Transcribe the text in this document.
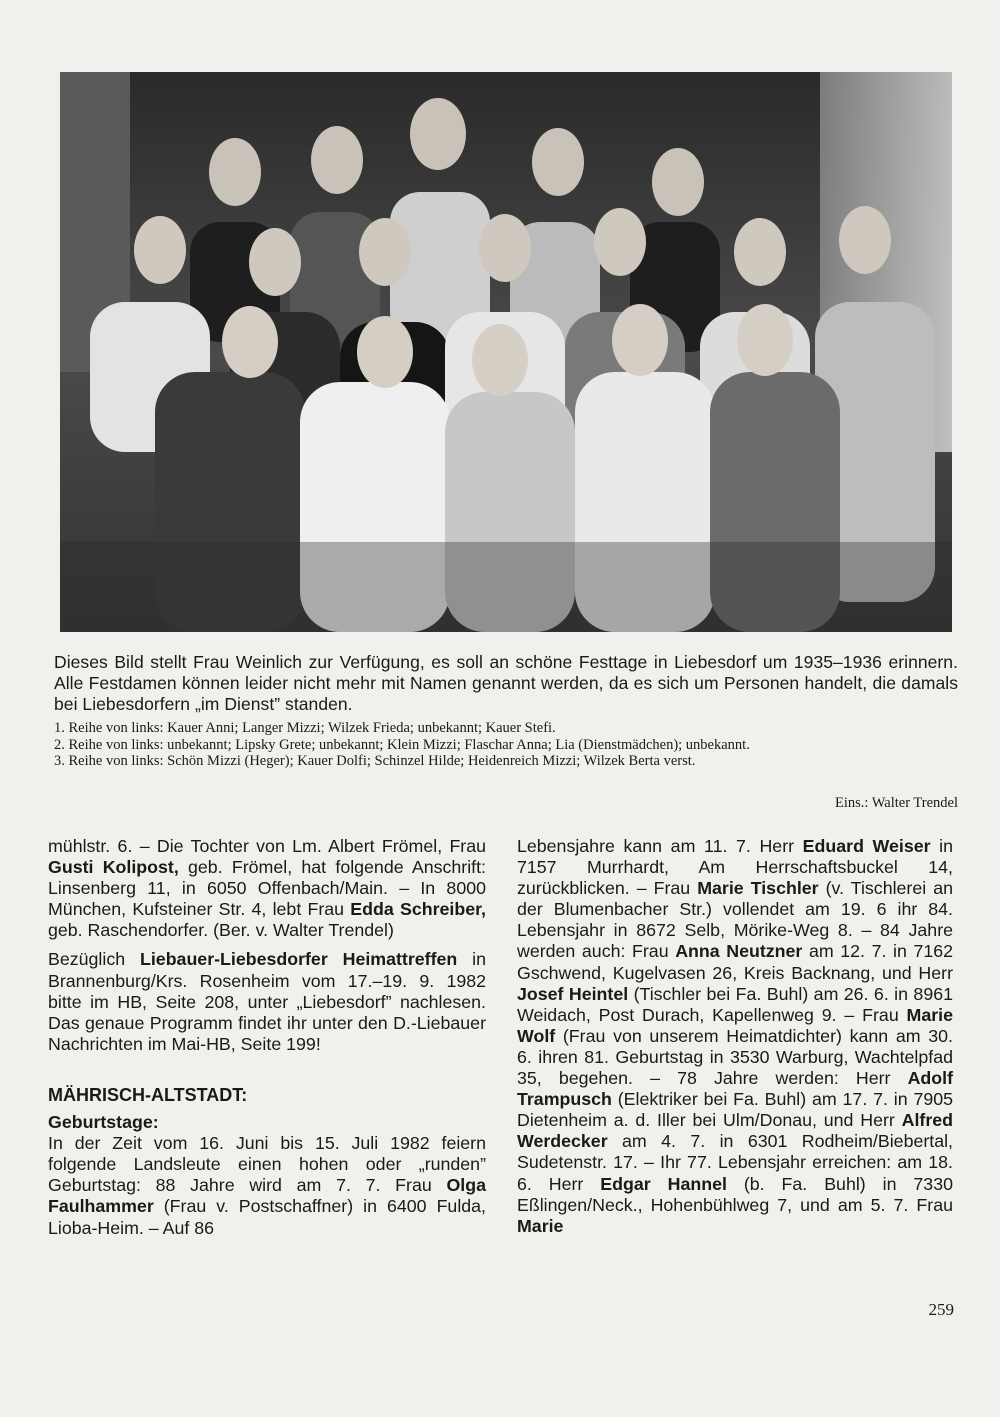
Dieses Bild stellt Frau Weinlich zur Verfügung, es soll an schöne Festtage in Liebesdorf um 1935–1936 erinnern. Alle Festdamen können leider nicht mehr mit Namen genannt werden, da es sich um Personen handelt, die damals bei Liebesdorfern „im Dienst” standen.

1. Reihe von links: Kauer Anni; Langer Mizzi; Wilzek Frieda; unbekannt; Kauer Stefi.

2. Reihe von links: unbekannt; Lipsky Grete; unbekannt; Klein Mizzi; Flaschar Anna; Lia (Dienstmädchen); unbekannt.

3. Reihe von links: Schön Mizzi (Heger); Kauer Dolfi; Schinzel Hilde; Heidenreich Mizzi; Wilzek Berta verst.

Eins.: Walter Trendel

mühlstr. 6. – Die Tochter von Lm. Albert Frömel, Frau Gusti Kolipost, geb. Frömel, hat folgende Anschrift: Linsenberg 11, in 6050 Offenbach/Main. – In 8000 München, Kufsteiner Str. 4, lebt Frau Edda Schreiber, geb. Raschendorfer. (Ber. v. Walter Trendel)

Bezüglich Liebauer-Liebesdorfer Heimattreffen in Brannenburg/Krs. Rosenheim vom 17.–19. 9. 1982 bitte im HB, Seite 208, unter „Liebesdorf” nachlesen. Das genaue Programm findet ihr unter den D.-Liebauer Nachrichten im Mai-HB, Seite 199!

MÄHRISCH-ALTSTADT:

Geburtstage:

In der Zeit vom 16. Juni bis 15. Juli 1982 feiern folgende Landsleute einen hohen oder „runden” Geburtstag: 88 Jahre wird am 7. 7. Frau Olga Faulhammer (Frau v. Postschaffner) in 6400 Fulda, Lioba-Heim. – Auf 86

Lebensjahre kann am 11. 7. Herr Eduard Weiser in 7157 Murrhardt, Am Herrschaftsbuckel 14, zurückblicken. – Frau Marie Tischler (v. Tischlerei an der Blumenbacher Str.) vollendet am 19. 6 ihr 84. Lebensjahr in 8672 Selb, Mörike-Weg 8. – 84 Jahre werden auch: Frau Anna Neutzner am 12. 7. in 7162 Gschwend, Kugelvasen 26, Kreis Backnang, und Herr Josef Heintel (Tischler bei Fa. Buhl) am 26. 6. in 8961 Weidach, Post Durach, Kapellenweg 9. – Frau Marie Wolf (Frau von unserem Heimatdichter) kann am 30. 6. ihren 81. Geburtstag in 3530 Warburg, Wachtelpfad 35, begehen. – 78 Jahre werden: Herr Adolf Trampusch (Elektriker bei Fa. Buhl) am 17. 7. in 7905 Dietenheim a. d. Iller bei Ulm/Donau, und Herr Alfred Werdecker am 4. 7. in 6301 Rodheim/Biebertal, Sudetenstr. 17. – Ihr 77. Lebensjahr erreichen: am 18. 6. Herr Edgar Hannel (b. Fa. Buhl) in 7330 Eßlingen/Neck., Hohenbühlweg 7, und am 5. 7. Frau Marie

259
